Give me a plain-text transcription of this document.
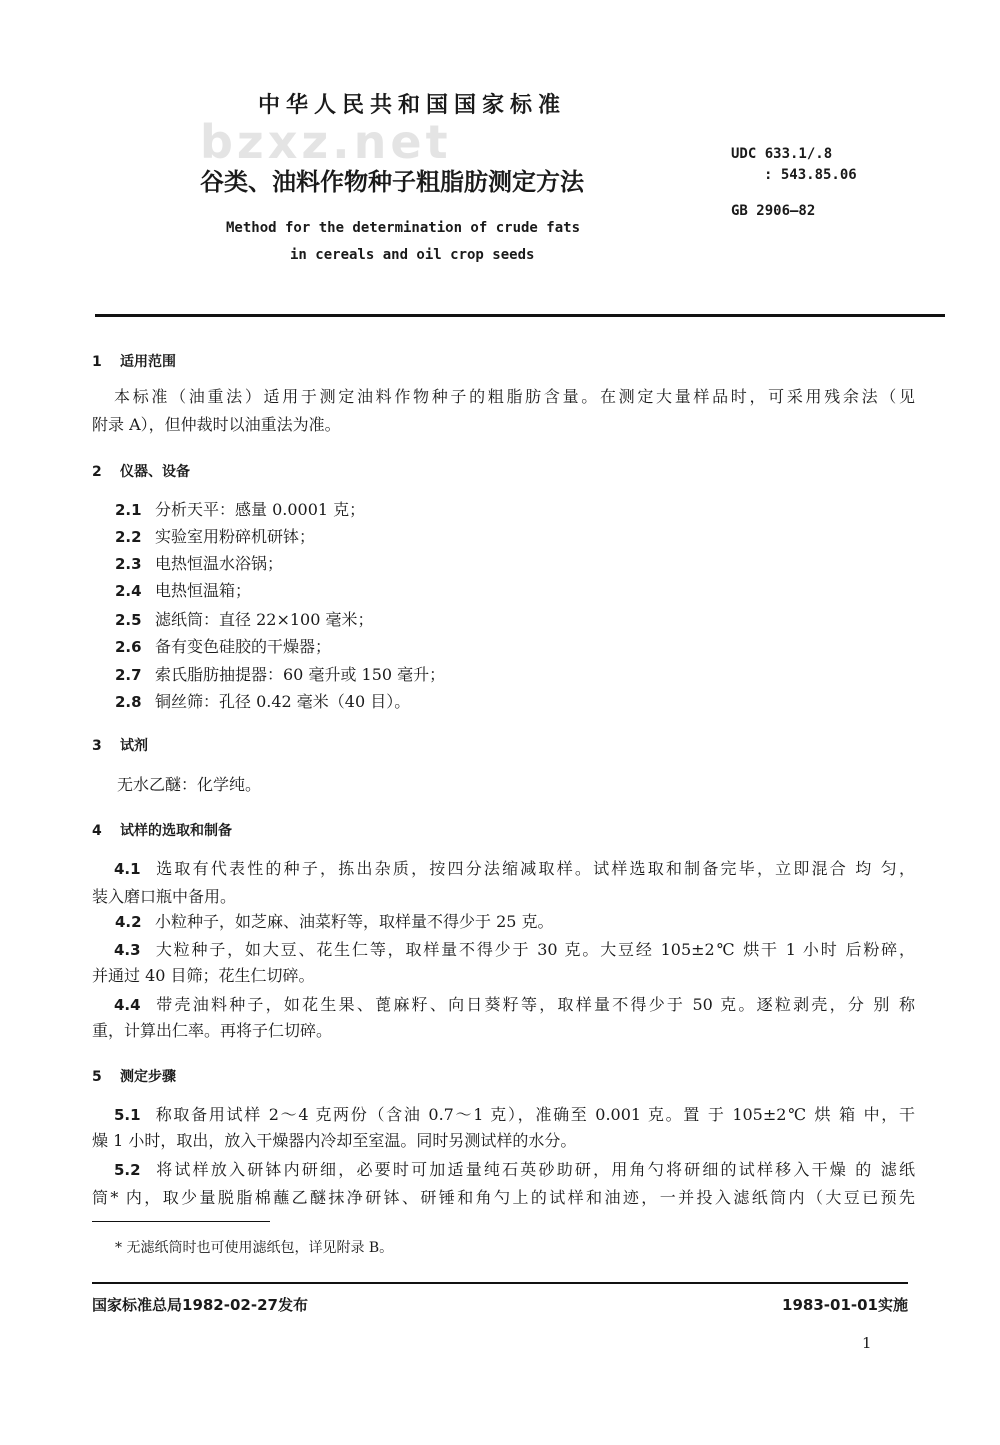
bzxz.net
中华人民共和国国家标准
谷类、油料作物种子粗脂肪测定方法
Method for the determination of crude fats
in cereals and oil crop seeds
UDC 633.1/.8
: 543.85.06
GB 2906—82
1 适用范围
本标准（油重法）适用于测定油料作物种子的粗脂肪含量。在测定大量样品时，可采用残余法（见
附录 A），但仲裁时以油重法为准。
2 仪器、设备
2.1 分析天平：感量 0.0001 克；
2.2 实验室用粉碎机研钵；
2.3 电热恒温水浴锅；
2.4 电热恒温箱；
2.5 滤纸筒：直径 22×100 毫米；
2.6 备有变色硅胶的干燥器；
2.7 索氏脂肪抽提器：60 毫升或 150 毫升；
2.8 铜丝筛：孔径 0.42 毫米（40 目）。
3 试剂
无水乙醚：化学纯。
4 试样的选取和制备
4.1 选取有代表性的种子，拣出杂质，按四分法缩减取样。试样选取和制备完毕，立即混合 均 匀，
装入磨口瓶中备用。
4.2 小粒种子，如芝麻、油菜籽等，取样量不得少于 25 克。
4.3 大粒种子，如大豆、花生仁等，取样量不得少于 30 克。大豆经 105±2℃ 烘干 1 小时 后粉碎，
并通过 40 目筛；花生仁切碎。
4.4 带壳油料种子，如花生果、蓖麻籽、向日葵籽等，取样量不得少于 50 克。逐粒剥壳，分 别 称
重，计算出仁率。再将子仁切碎。
5 测定步骤
5.1 称取备用试样 2～4 克两份（含油 0.7～1 克），准确至 0.001 克。置 于 105±2℃ 烘 箱 中，干
燥 1 小时，取出，放入干燥器内冷却至室温。同时另测试样的水分。
5.2 将试样放入研钵内研细，必要时可加适量纯石英砂助研，用角勺将研细的试样移入干燥 的 滤纸
筒* 内，取少量脱脂棉蘸乙醚抹净研钵、研锤和角勺上的试样和油迹，一并投入滤纸筒内（大豆已预先
* 无滤纸筒时也可使用滤纸包，详见附录 B。
国家标准总局1982-02-27发布	1983-01-01实施
1
